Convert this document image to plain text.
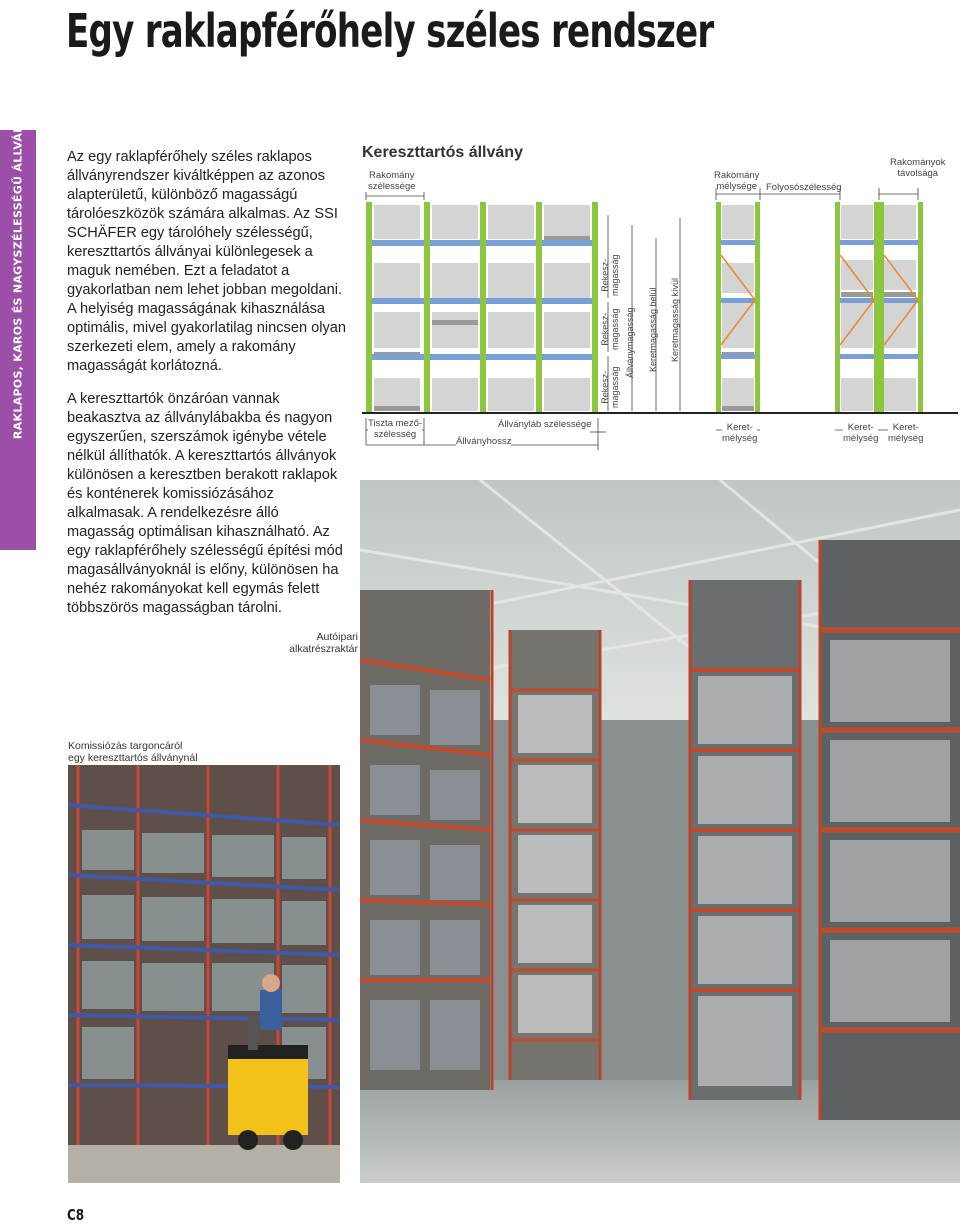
Egy raklapférőhely széles rendszer
RAKLAPOS, KAROS ÉS NAGYSZÉLESSÉGŰ ÁLLVÁNYOK	Az egy raklapférőhely széles raklapos állványrendszer kiváltképpen az azonos alapterületű, különböző magasságú tárolóeszközök számára alkalmas. Az SSI SCHÄFER egy tárolóhely szélességű, kereszttartós állványai különlegesek a maguk nemében. Ezt a feladatot a gyakorlatban nem lehet jobban megoldani. A helyiség magasságának kihasználása optimális, mivel gyakorlatilag nincsen olyan szerkezeti elem, amely a rakomány magasságát korlátozná.

A kereszttartók önzáróan vannak beakasztva az állványlábakba és nagyon egyszerűen, szerszámok igénybe vétele nélkül állíthatók. A kereszttartós állványok különösen a keresztben berakott raklapok és konténerek komissiózásához alkalmasak. A rendelkezésre álló magasság optimálisan kihasználható. Az egy raklapférőhely szélességű építési mód magasállványoknál is előny, különösen ha nehéz rakományokat kell egymás felett többszörös magasságban tárolni.

Kereszttartós állvány
Rakomány
szélessége
Tiszta mező-
szélesség
Állványláb szélessége
Állványhossz
Rekesz-
magasság
Rekesz-
magasság
Rekesz-
magasság
Állványmagasság Keretmagasság belül Keretmagasság kívül
Rakomány
mélysége Folyosószélesség
Rakományok
távolsága
Keret-
mélység
Keret-
mélység
Keret-
mélység
Autóipari
alkatrészraktár
Komissiózás targoncáról
egy kereszttartós állványnál
C8
